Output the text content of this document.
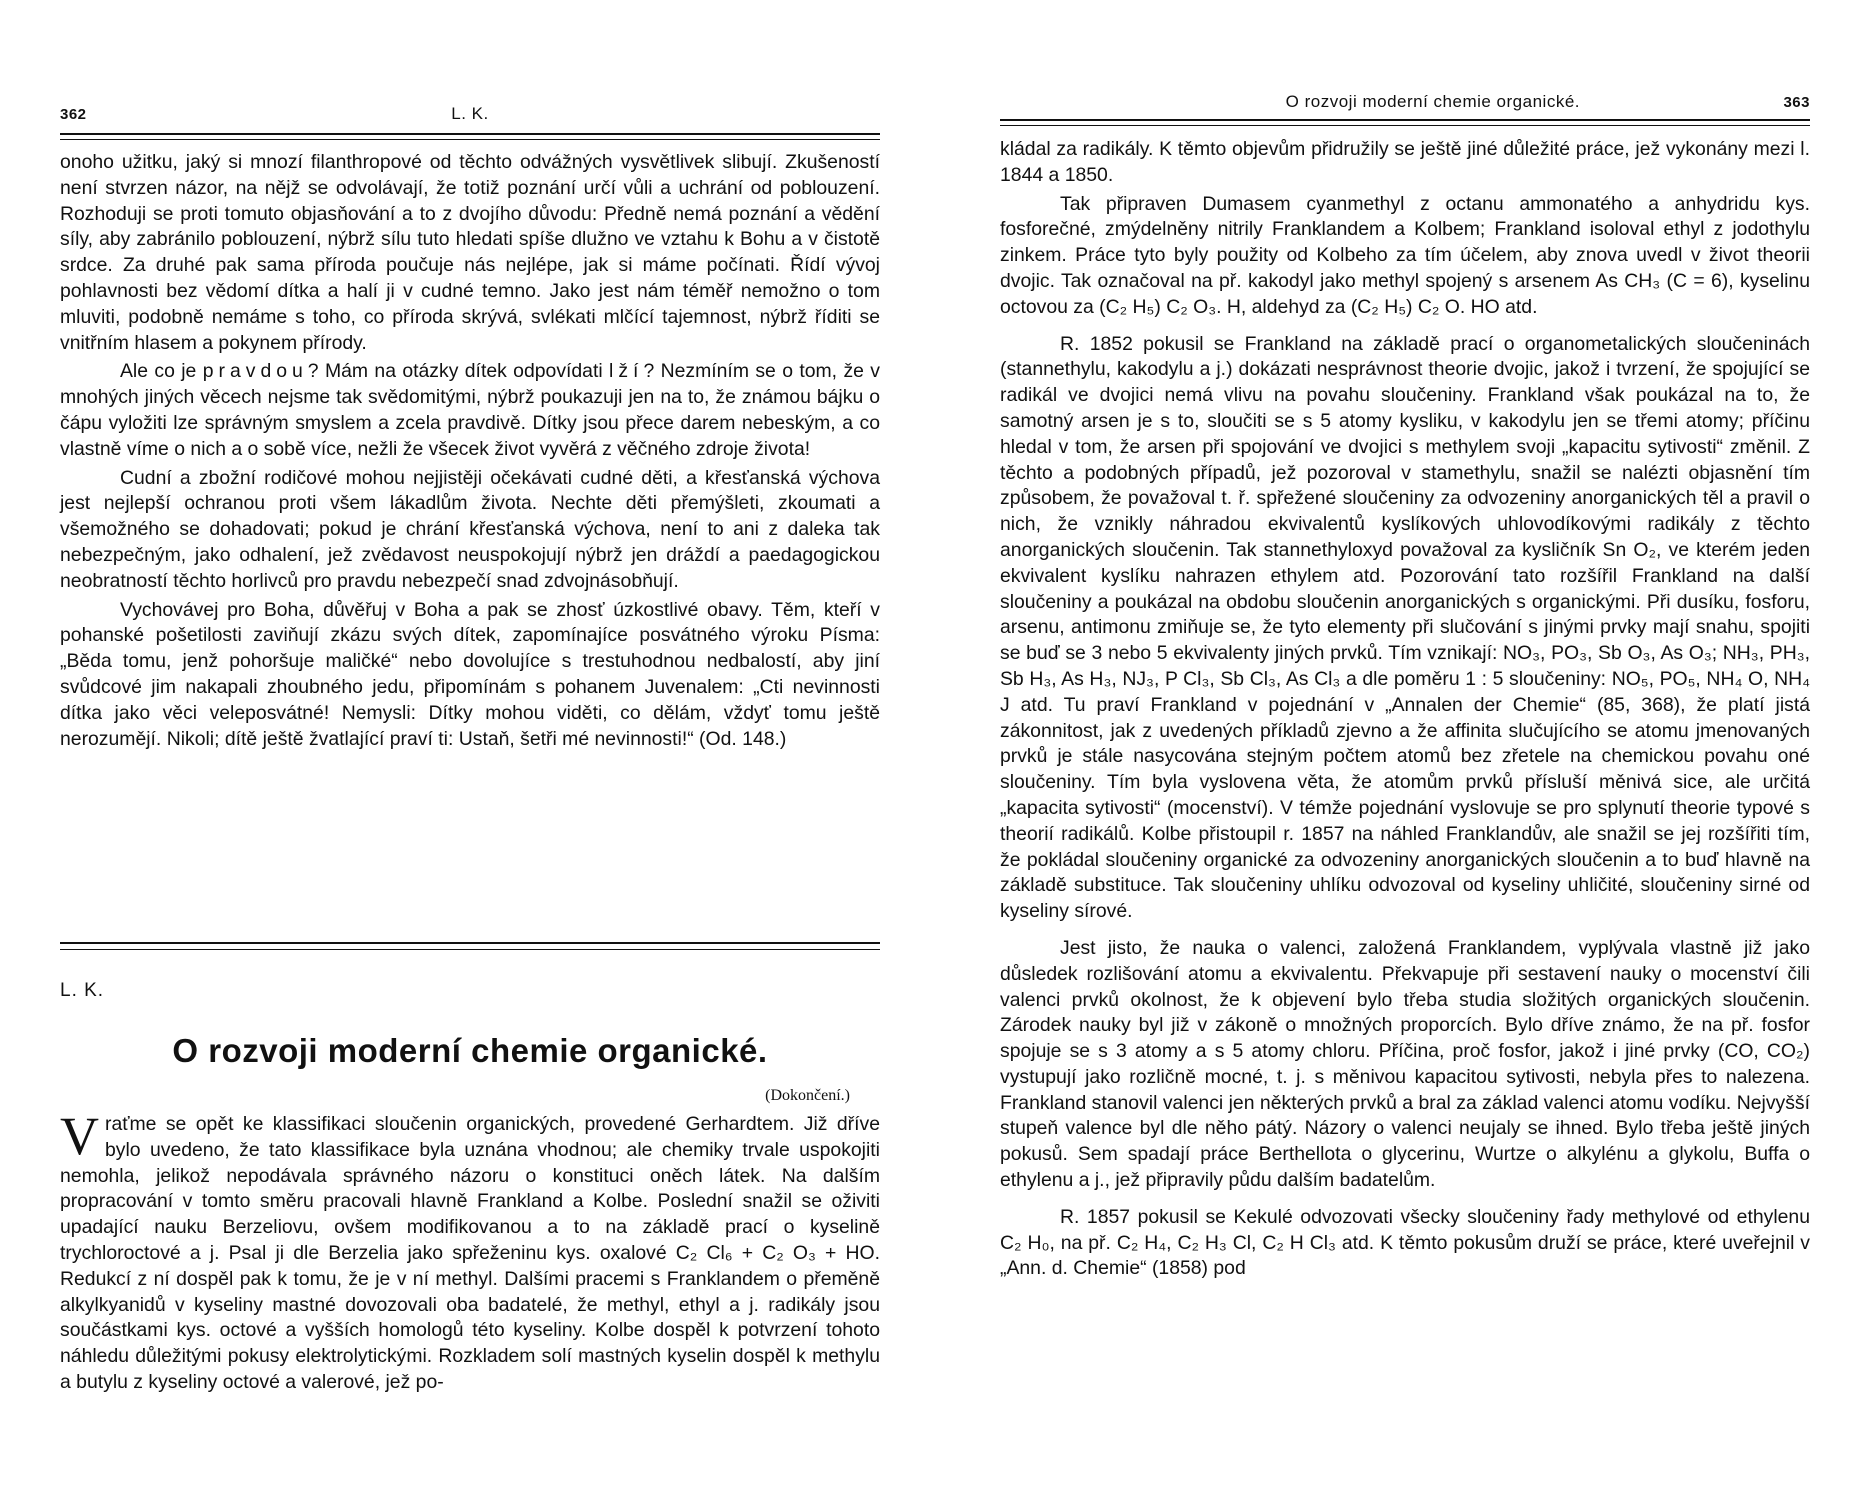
362	L. K.

onoho užitku, jaký si mnozí filanthropové od těchto odvážných vysvětlivek slibují. Zkušeností není stvrzen názor, na nějž se odvolávají, že totiž poznání určí vůli a uchrání od poblouzení. Rozhoduji se proti tomuto objasňování a to z dvojího důvodu: Předně nemá poznání a vědění síly, aby zabránilo poblouzení, nýbrž sílu tuto hledati spíše dlužno ve vztahu k Bohu a v čistotě srdce. Za druhé pak sama příroda poučuje nás nejlépe, jak si máme počínati. Řídí vývoj pohlavnosti bez vědomí dítka a halí ji v cudné temno. Jako jest nám téměř nemožno o tom mluviti, podobně nemáme s toho, co příroda skrývá, svlékati mlčící tajemnost, nýbrž říditi se vnitřním hlasem a pokynem přírody.

Ale co je pravdou? Mám na otázky dítek odpovídati lží? Nezmíním se o tom, že v mnohých jiných věcech nejsme tak svědomitými, nýbrž poukazuji jen na to, že známou bájku o čápu vyložiti lze správným smyslem a zcela pravdivě. Dítky jsou přece darem nebeským, a co vlastně víme o nich a o sobě více, nežli že všecek život vyvěrá z věčného zdroje života!

Cudní a zbožní rodičové mohou nejjistěji očekávati cudné děti, a křesťanská výchova jest nejlepší ochranou proti všem lákadlům života. Nechte děti přemýšleti, zkoumati a všemožného se dohadovati; pokud je chrání křesťanská výchova, není to ani z daleka tak nebezpečným, jako odhalení, jež zvědavost neuspokojují nýbrž jen dráždí a paedagogickou neobratností těchto horlivců pro pravdu nebezpečí snad zdvojnásobňují.

Vychovávej pro Boha, důvěřuj v Boha a pak se zhosť úzkostlivé obavy. Těm, kteří v pohanské pošetilosti zaviňují zkázu svých dítek, zapomínajíce posvátného výroku Písma: „Běda tomu, jenž pohoršuje maličké“ nebo dovolujíce s trestuhodnou nedbalostí, aby jiní svůdcové jim nakapali zhoubného jedu, připomínám s pohanem Juvenalem: „Cti nevinnosti dítka jako věci veleposvátné! Nemysli: Dítky mohou viděti, co dělám, vždyť tomu ještě nerozumějí. Nikoli; dítě ještě žvatlající praví ti: Ustaň, šetři mé nevinnosti!“ (Od. 148.)

L. K.
O rozvoji moderní chemie organické.
(Dokončení.)

Vraťme se opět ke klassifikaci sloučenin organických, provedené Gerhardtem. Již dříve bylo uvedeno, že tato klassifikace byla uznána vhodnou; ale chemiky trvale uspokojiti nemohla, jelikož nepodávala správného názoru o konstituci oněch látek. Na dalším propracování v tomto směru pracovali hlavně Frankland a Kolbe. Poslední snažil se oživiti upadající nauku Berzeliovu, ovšem modifikovanou a to na základě prací o kyselině trychloroctové a j. Psal ji dle Berzelia jako spřeženinu kys. oxalové C₂ Cl₆ + C₂ O₃ + HO. Redukcí z ní dospěl pak k tomu, že je v ní methyl. Dalšími pracemi s Franklandem o přeměně alkylkyanidů v kyseliny mastné dovozovali oba badatelé, že methyl, ethyl a j. radikály jsou součástkami kys. octové a vyšších homologů této kyseliny. Kolbe dospěl k potvrzení tohoto náhledu důležitými pokusy elektrolytickými. Rozkladem solí mastných kyselin dospěl k methylu a butylu z kyseliny octové a valerové, jež po-

O rozvoji moderní chemie organické.	363

kládal za radikály. K těmto objevům přidružily se ještě jiné důležité práce, jež vykonány mezi l. 1844 a 1850.

Tak připraven Dumasem cyanmethyl z octanu ammonatého a anhydridu kys. fosforečné, zmýdelněny nitrily Franklandem a Kolbem; Frankland isoloval ethyl z jodothylu zinkem. Práce tyto byly použity od Kolbeho za tím účelem, aby znova uvedl v život theorii dvojic. Tak označoval na př. kakodyl jako methyl spojený s arsenem As CH₃ (C = 6), kyselinu octovou za (C₂ H₅) C₂ O₃. H, aldehyd za (C₂ H₅) C₂ O. HO atd.

R. 1852 pokusil se Frankland na základě prací o organometalických sloučeninách (stannethylu, kakodylu a j.) dokázati nesprávnost theorie dvojic, jakož i tvrzení, že spojující se radikál ve dvojici nemá vlivu na povahu sloučeniny. Frankland však poukázal na to, že samotný arsen je s to, sloučiti se s 5 atomy kysliku, v kakodylu jen se třemi atomy; příčinu hledal v tom, že arsen při spojování ve dvojici s methylem svoji „kapacitu sytivosti“ změnil. Z těchto a podobných případů, jež pozoroval v stamethylu, snažil se nalézti objasnění tím způsobem, že považoval t. ř. spřežené sloučeniny za odvozeniny anorganických těl a pravil o nich, že vznikly náhradou ekvivalentů kyslíkových uhlovodíkovými radikály z těchto anorganických sloučenin. Tak stannethyloxyd považoval za kysličník Sn O₂, ve kterém jeden ekvivalent kyslíku nahrazen ethylem atd. Pozorování tato rozšířil Frankland na další sloučeniny a poukázal na obdobu sloučenin anorganických s organickými. Při dusíku, fosforu, arsenu, antimonu zmiňuje se, že tyto elementy při slučování s jinými prvky mají snahu, spojiti se buď se 3 nebo 5 ekvivalenty jiných prvků. Tím vznikají: NO₃, PO₃, Sb O₃, As O₃; NH₃, PH₃, Sb H₃, As H₃, NJ₃, P Cl₃, Sb Cl₃, As Cl₃ a dle poměru 1 : 5 sloučeniny: NO₅, PO₅, NH₄ O, NH₄ J atd. Tu praví Frankland v pojednání v „Annalen der Chemie“ (85, 368), že platí jistá zákonnitost, jak z uvedených příkladů zjevno a že affinita slučujícího se atomu jmenovaných prvků je stále nasycována stejným počtem atomů bez zřetele na chemickou povahu oné sloučeniny. Tím byla vyslovena věta, že atomům prvků přísluší měnivá sice, ale určitá „kapacita sytivosti“ (mocenství). V témže pojednání vyslovuje se pro splynutí theorie typové s theorií radikálů. Kolbe přistoupil r. 1857 na náhled Franklandův, ale snažil se jej rozšířiti tím, že pokládal sloučeniny organické za odvozeniny anorganických sloučenin a to buď hlavně na základě substituce. Tak sloučeniny uhlíku odvozoval od kyseliny uhličité, sloučeniny sirné od kyseliny sírové.

Jest jisto, že nauka o valenci, založená Franklandem, vyplývala vlastně již jako důsledek rozlišování atomu a ekvivalentu. Překvapuje při sestavení nauky o mocenství čili valenci prvků okolnost, že k objevení bylo třeba studia složitých organických sloučenin. Zárodek nauky byl již v zákoně o množných proporcích. Bylo dříve známo, že na př. fosfor spojuje se s 3 atomy a s 5 atomy chloru. Příčina, proč fosfor, jakož i jiné prvky (CO, CO₂) vystupují jako rozličně mocné, t. j. s měnivou kapacitou sytivosti, nebyla přes to nalezena. Frankland stanovil valenci jen některých prvků a bral za základ valenci atomu vodíku. Nejvyšší stupeň valence byl dle něho pátý. Názory o valenci neujaly se ihned. Bylo třeba ještě jiných pokusů. Sem spadají práce Berthellota o glycerinu, Wurtze o alkylénu a glykolu, Buffa o ethylenu a j., jež připravily půdu dalším badatelům.

R. 1857 pokusil se Kekulé odvozovati všecky sloučeniny řady methylové od ethylenu C₂ H₀, na př. C₂ H₄, C₂ H₃ Cl, C₂ H Cl₃ atd. K těmto pokusům druží se práce, které uveřejnil v „Ann. d. Chemie“ (1858) pod
